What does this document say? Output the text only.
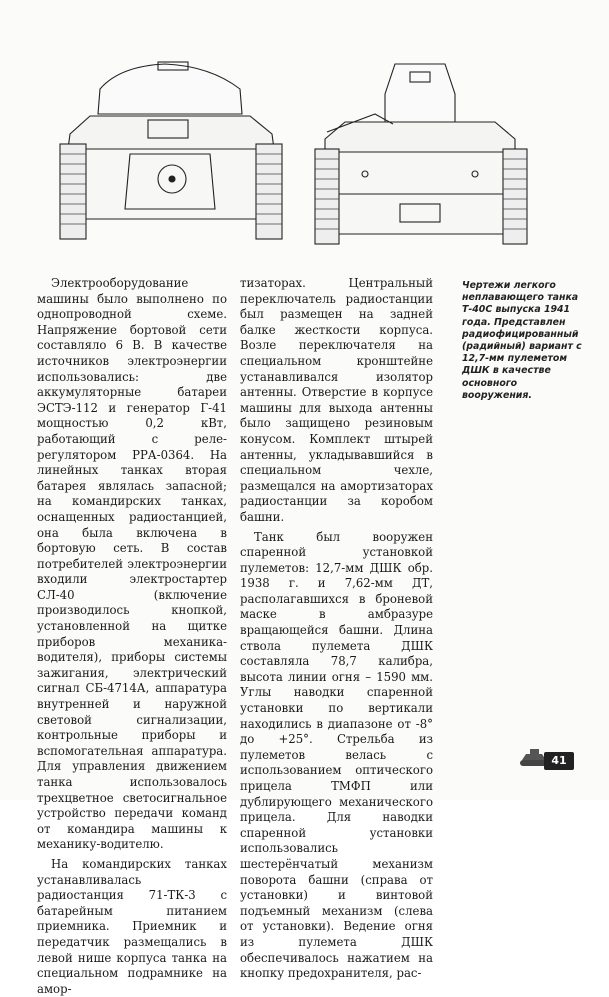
Электрооборудование машины было выполнено по однопроводной схеме. Напряжение бортовой сети составляло 6 В. В качестве источников электроэнергии использовались: две аккумуляторные батареи ЭСТЭ-112 и генератор Г-41 мощностью 0,2 кВт, работающий с реле-регулятором РРА-0364. На линейных танках вторая батарея являлась запасной; на командирских танках, оснащенных радиостанцией, она была включена в бортовую сеть. В состав потребителей электроэнергии входили электростартер СЛ-40 (включение производилось кнопкой, установленной на щитке приборов механика-водителя), приборы системы зажигания, электрический сигнал СБ-4714А, аппаратура внутренней и наружной световой сигнализации, контрольные приборы и вспомогательная аппаратура. Для управления движением танка использовалось трехцветное светосигнальное устройство передачи команд от командира машины к механику-водителю.

На командирских танках устанавливалась радиостанция 71-ТК-3 с батарейным питанием приемника. Приемник и передатчик размещались в левой нише корпуса танка на специальном подрамнике на амор-

тизаторах. Центральный переключатель радиостанции был размещен на задней балке жесткости корпуса. Возле переключателя на специальном кронштейне устанавливался изолятор антенны. Отверстие в корпусе машины для выхода антенны было защищено резиновым конусом. Комплект штырей антенны, укладывавшийся в специальном чехле, размещался на амортизаторах радиостанции за коробом башни.

Танк был вооружен спаренной установкой пулеметов: 12,7-мм ДШК обр. 1938 г. и 7,62-мм ДТ, располагавшихся в броневой маске в амбразуре вращающейся башни. Длина ствола пулемета ДШК составляла 78,7 калибра, высота линии огня – 1590 мм. Углы наводки спаренной установки по вертикали находились в диапазоне от -8° до +25°. Стрельба из пулеметов велась с использованием оптического прицела ТМФП или дублирующего механического прицела. Для наводки спаренной установки использовались шестерёнчатый механизм поворота башни (справа от установки) и винтовой подъемный механизм (слева от установки). Ведение огня из пулемета ДШК обеспечивалось нажатием на кнопку предохранителя, рас-

Чертежи легкого неплавающего танка Т-40С выпуска 1941 года. Представлен радиофицированный (радийный) вариант с 12,7-мм пулеметом ДШК в качестве основного вооружения.
41
